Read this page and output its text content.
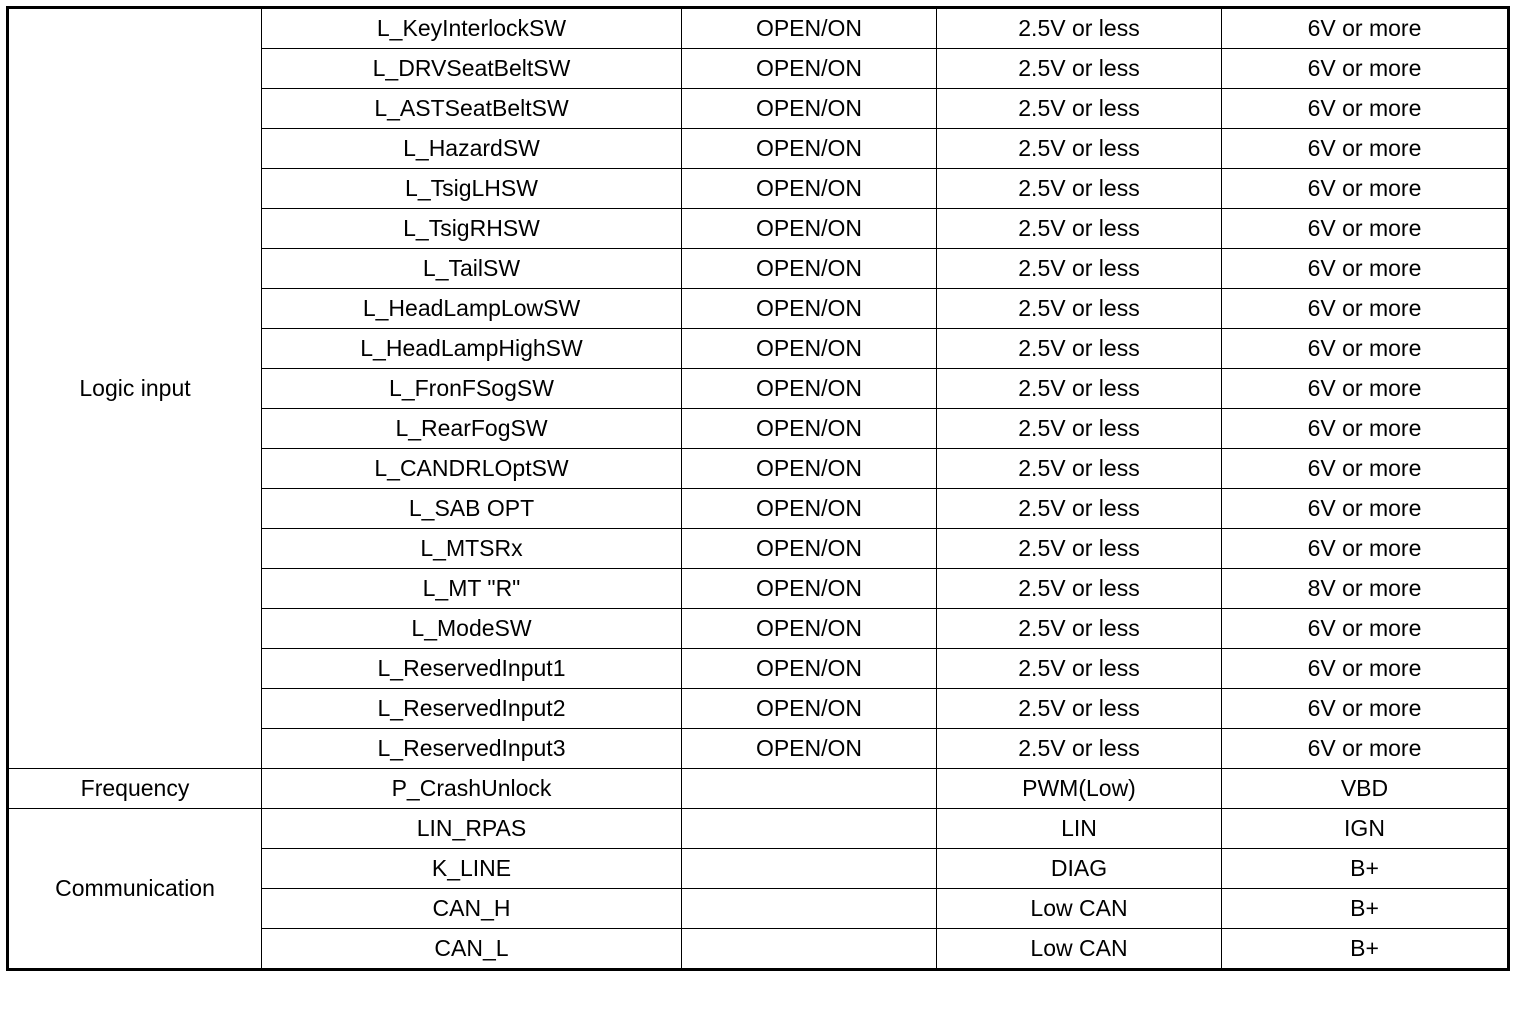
Logic input	L_KeyInterlockSW	OPEN/ON	2.5V or less	6V or more
	L_DRVSeatBeltSW	OPEN/ON	2.5V or less	6V or more
	L_ASTSeatBeltSW	OPEN/ON	2.5V or less	6V or more
	L_HazardSW	OPEN/ON	2.5V or less	6V or more
	L_TsigLHSW	OPEN/ON	2.5V or less	6V or more
	L_TsigRHSW	OPEN/ON	2.5V or less	6V or more
	L_TailSW	OPEN/ON	2.5V or less	6V or more
	L_HeadLampLowSW	OPEN/ON	2.5V or less	6V or more
	L_HeadLampHighSW	OPEN/ON	2.5V or less	6V or more
	L_FronFSogSW	OPEN/ON	2.5V or less	6V or more
	L_RearFogSW	OPEN/ON	2.5V or less	6V or more
	L_CANDRLOptSW	OPEN/ON	2.5V or less	6V or more
	L_SAB OPT	OPEN/ON	2.5V or less	6V or more
	L_MTSRx	OPEN/ON	2.5V or less	6V or more
	L_MT "R"	OPEN/ON	2.5V or less	8V or more
	L_ModeSW	OPEN/ON	2.5V or less	6V or more
	L_ReservedInput1	OPEN/ON	2.5V or less	6V or more
	L_ReservedInput2	OPEN/ON	2.5V or less	6V or more
	L_ReservedInput3	OPEN/ON	2.5V or less	6V or more
Frequency	P_CrashUnlock		PWM(Low)	VBD
Communication	LIN_RPAS		LIN	IGN
	K_LINE		DIAG	B+
	CAN_H		Low CAN	B+
	CAN_L		Low CAN	B+
